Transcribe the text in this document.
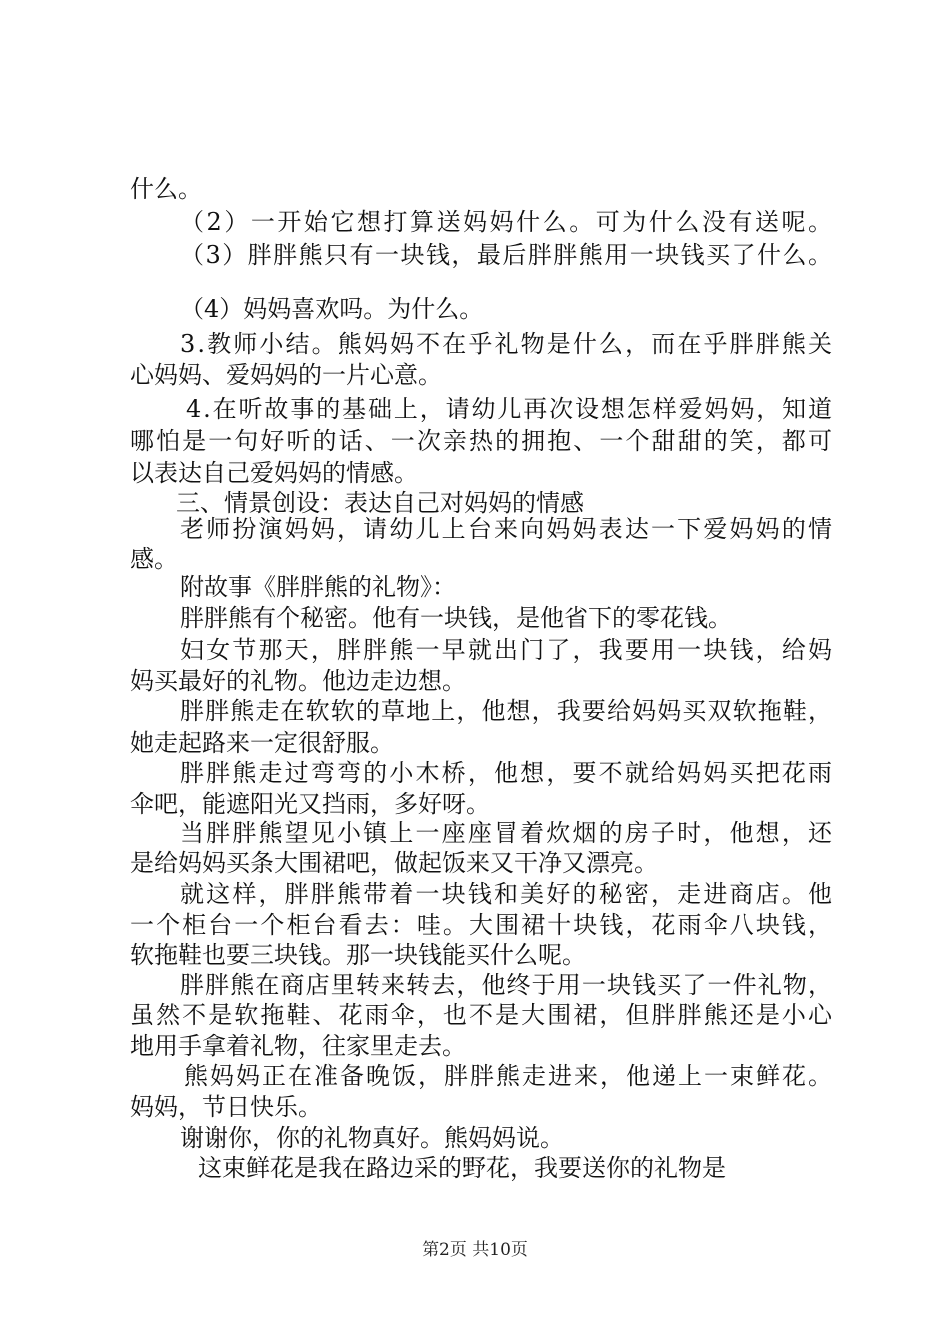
什么。
（2）一开始它想打算送妈妈什么。可为什么没有送呢。
（3）胖胖熊只有一块钱，最后胖胖熊用一块钱买了什么。
（4）妈妈喜欢吗。为什么。
3.教师小结。熊妈妈不在乎礼物是什么，而在乎胖胖熊关
心妈妈、爱妈妈的一片心意。
4.在听故事的基础上，请幼儿再次设想怎样爱妈妈，知道
哪怕是一句好听的话、一次亲热的拥抱、一个甜甜的笑，都可
以表达自己爱妈妈的情感。
三、情景创设：表达自己对妈妈的情感
老师扮演妈妈，请幼儿上台来向妈妈表达一下爱妈妈的情
感。
附故事《胖胖熊的礼物》：
胖胖熊有个秘密。他有一块钱，是他省下的零花钱。
妇女节那天，胖胖熊一早就出门了，我要用一块钱，给妈
妈买最好的礼物。他边走边想。
胖胖熊走在软软的草地上，他想，我要给妈妈买双软拖鞋，
她走起路来一定很舒服。
胖胖熊走过弯弯的小木桥，他想，要不就给妈妈买把花雨
伞吧，能遮阳光又挡雨，多好呀。
当胖胖熊望见小镇上一座座冒着炊烟的房子时，他想，还
是给妈妈买条大围裙吧，做起饭来又干净又漂亮。
就这样，胖胖熊带着一块钱和美好的秘密，走进商店。他
一个柜台一个柜台看去：哇。大围裙十块钱，花雨伞八块钱，
软拖鞋也要三块钱。那一块钱能买什么呢。
胖胖熊在商店里转来转去，他终于用一块钱买了一件礼物，
虽然不是软拖鞋、花雨伞，也不是大围裙，但胖胖熊还是小心
地用手拿着礼物，往家里走去。
熊妈妈正在准备晚饭，胖胖熊走进来，他递上一束鲜花。
妈妈，节日快乐。
谢谢你，你的礼物真好。熊妈妈说。
这束鲜花是我在路边采的野花，我要送你的礼物是
第2页 共10页
